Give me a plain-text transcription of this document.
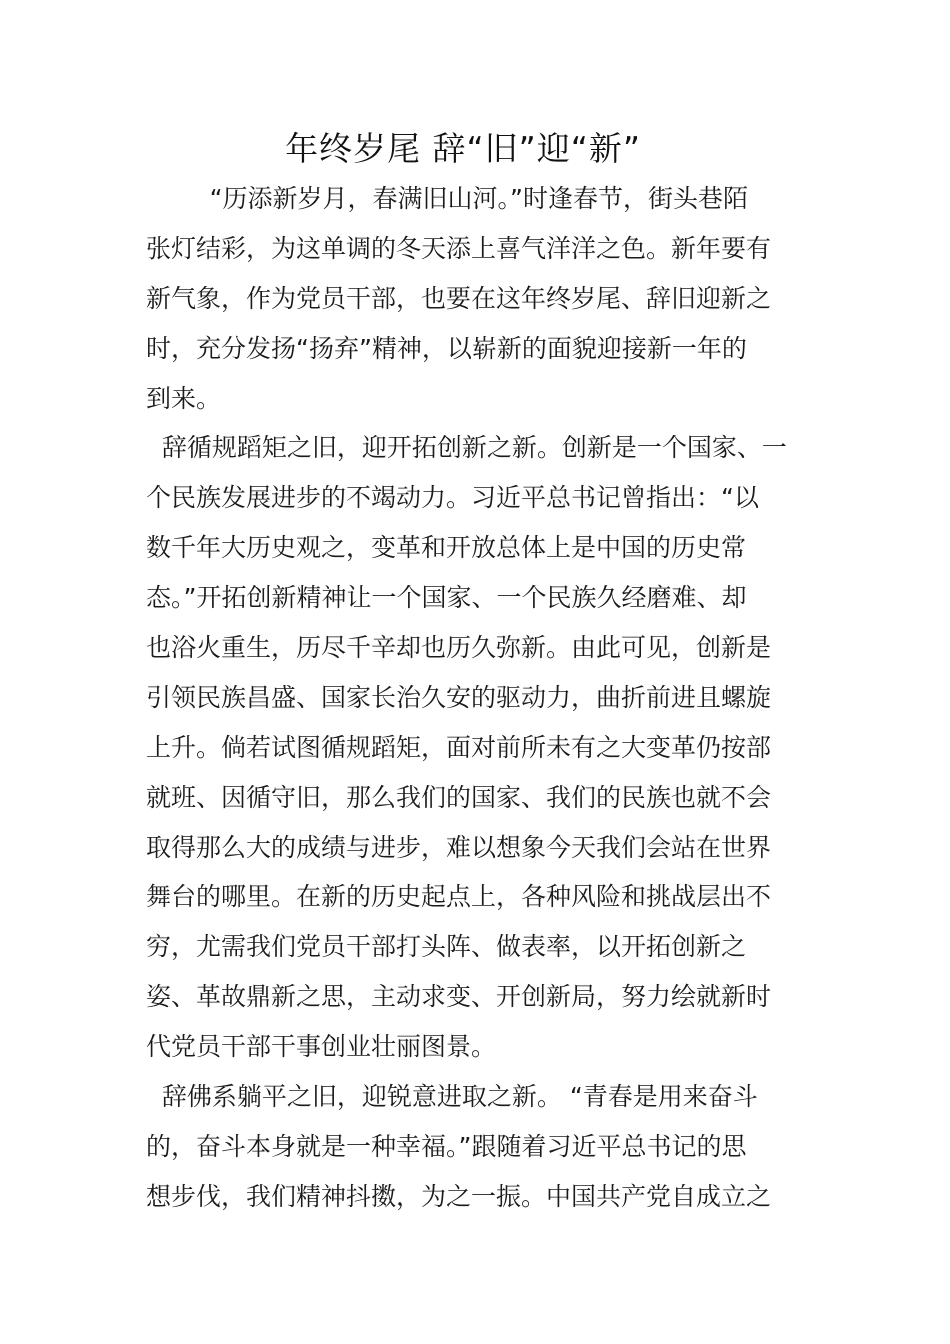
年终岁尾 辞“旧”迎“新”
“历添新岁月，春满旧山河。”时逢春节，街头巷陌
张灯结彩，为这单调的冬天添上喜气洋洋之色。新年要有
新气象，作为党员干部，也要在这年终岁尾、辞旧迎新之
时，充分发扬“扬弃”精神，以崭新的面貌迎接新一年的
到来。
辞循规蹈矩之旧，迎开拓创新之新。创新是一个国家、一
个民族发展进步的不竭动力。习近平总书记曾指出：“以
数千年大历史观之，变革和开放总体上是中国的历史常
态。”开拓创新精神让一个国家、一个民族久经磨难、却
也浴火重生，历尽千辛却也历久弥新。由此可见，创新是
引领民族昌盛、国家长治久安的驱动力，曲折前进且螺旋
上升。倘若试图循规蹈矩，面对前所未有之大变革仍按部
就班、因循守旧，那么我们的国家、我们的民族也就不会
取得那么大的成绩与进步，难以想象今天我们会站在世界
舞台的哪里。在新的历史起点上，各种风险和挑战层出不
穷，尤需我们党员干部打头阵、做表率，以开拓创新之
姿、革故鼎新之思，主动求变、开创新局，努力绘就新时
代党员干部干事创业壮丽图景。
辞佛系躺平之旧，迎锐意进取之新。 “青春是用来奋斗
的，奋斗本身就是一种幸福。”跟随着习近平总书记的思
想步伐，我们精神抖擞，为之一振。中国共产党自成立之
